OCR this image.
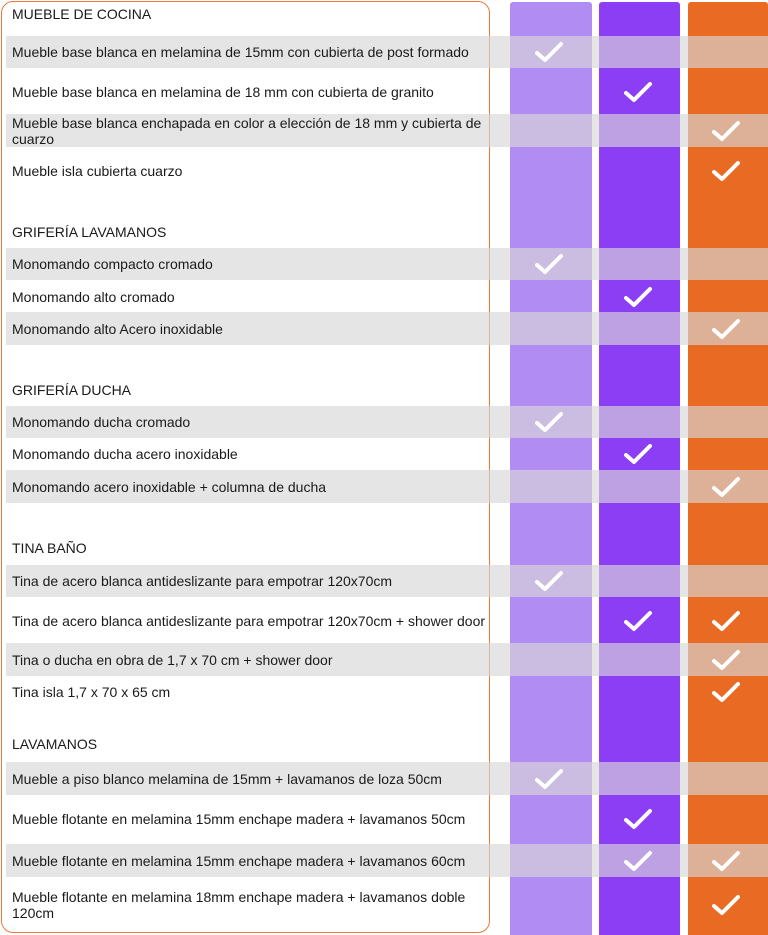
MUEBLE DE COCINA
Mueble base blanca en melamina de 15mm con cubierta de post formado
Mueble base blanca en melamina de 18 mm con cubierta de granito
Mueble base blanca enchapada en color a elección de 18 mm y cubierta de cuarzo
Mueble isla cubierta cuarzo
GRIFERÍA LAVAMANOS
Monomando compacto cromado
Monomando alto cromado
Monomando alto Acero inoxidable
GRIFERÍA DUCHA
Monomando ducha cromado
Monomando ducha acero inoxidable
Monomando acero inoxidable + columna de ducha
TINA BAÑO
Tina de acero blanca antideslizante para empotrar 120x70cm
Tina de acero blanca antideslizante para empotrar 120x70cm + shower door
Tina o ducha en obra de 1,7 x 70 cm + shower door
Tina isla 1,7 x 70 x 65 cm
LAVAMANOS
Mueble a piso blanco melamina de 15mm + lavamanos de loza 50cm
Mueble flotante en melamina 15mm enchape madera + lavamanos 50cm
Mueble flotante en melamina 15mm enchape madera + lavamanos 60cm
Mueble flotante en melamina 18mm enchape madera + lavamanos doble 120cm
